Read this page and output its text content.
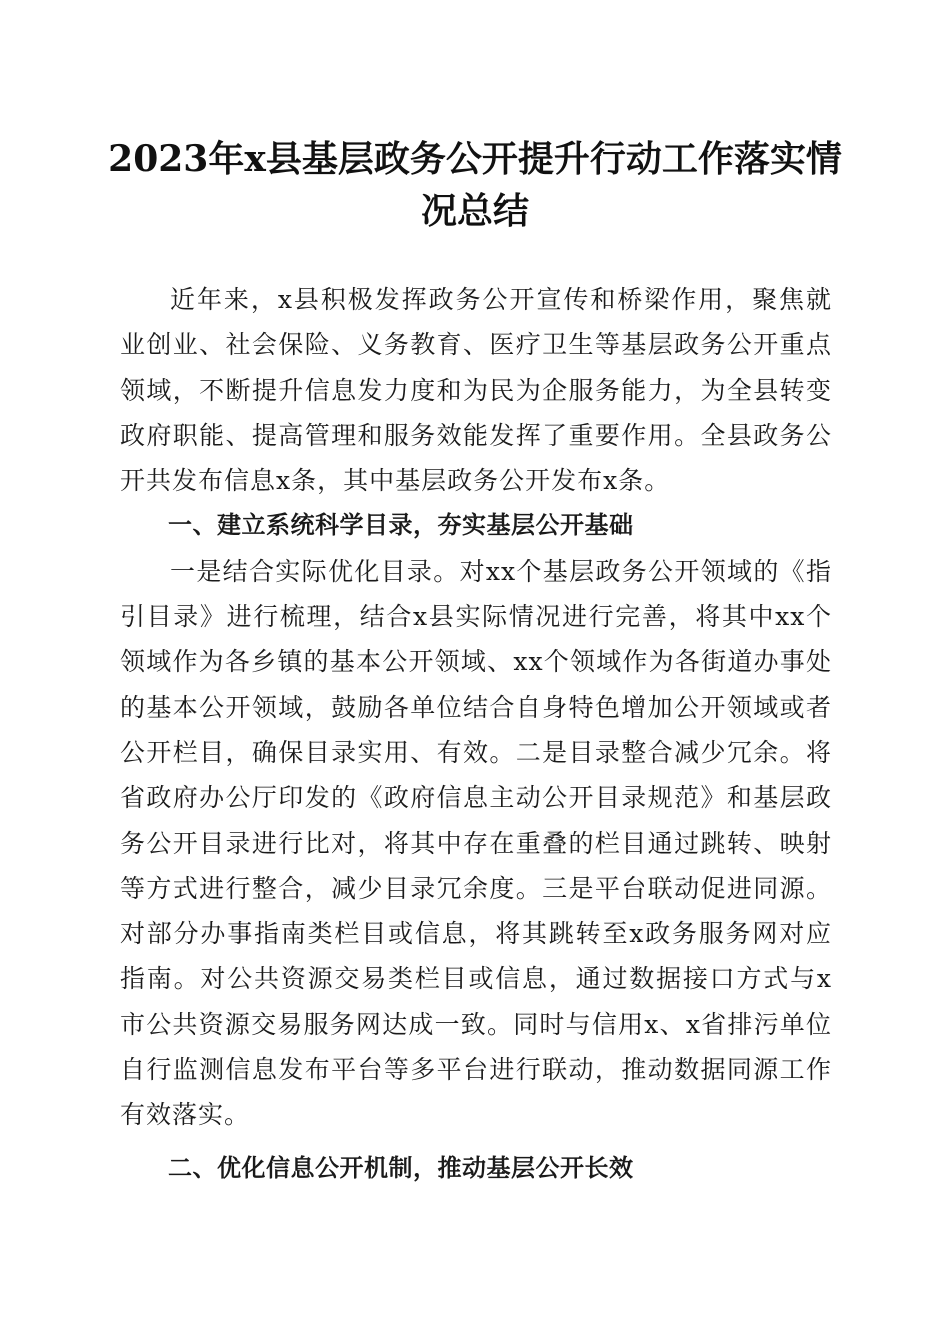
2023年x县基层政务公开提升行动工作落实情况总结

近年来，x县积极发挥政务公开宣传和桥梁作用，聚焦就业创业、社会保险、义务教育、医疗卫生等基层政务公开重点领域，不断提升信息发力度和为民为企服务能力，为全县转变政府职能、提高管理和服务效能发挥了重要作用。全县政务公开共发布信息x条，其中基层政务公开发布x条。

一、建立系统科学目录，夯实基层公开基础

一是结合实际优化目录。对xx个基层政务公开领域的《指引目录》进行梳理，结合x县实际情况进行完善，将其中xx个领域作为各乡镇的基本公开领域、xx个领域作为各街道办事处的基本公开领域，鼓励各单位结合自身特色增加公开领域或者公开栏目，确保目录实用、有效。二是目录整合减少冗余。将省政府办公厅印发的《政府信息主动公开目录规范》和基层政务公开目录进行比对，将其中存在重叠的栏目通过跳转、映射等方式进行整合，减少目录冗余度。三是平台联动促进同源。对部分办事指南类栏目或信息，将其跳转至x政务服务网对应指南。对公共资源交易类栏目或信息，通过数据接口方式与x市公共资源交易服务网达成一致。同时与信用x、x省排污单位自行监测信息发布平台等多平台进行联动，推动数据同源工作有效落实。

二、优化信息公开机制，推动基层公开长效
